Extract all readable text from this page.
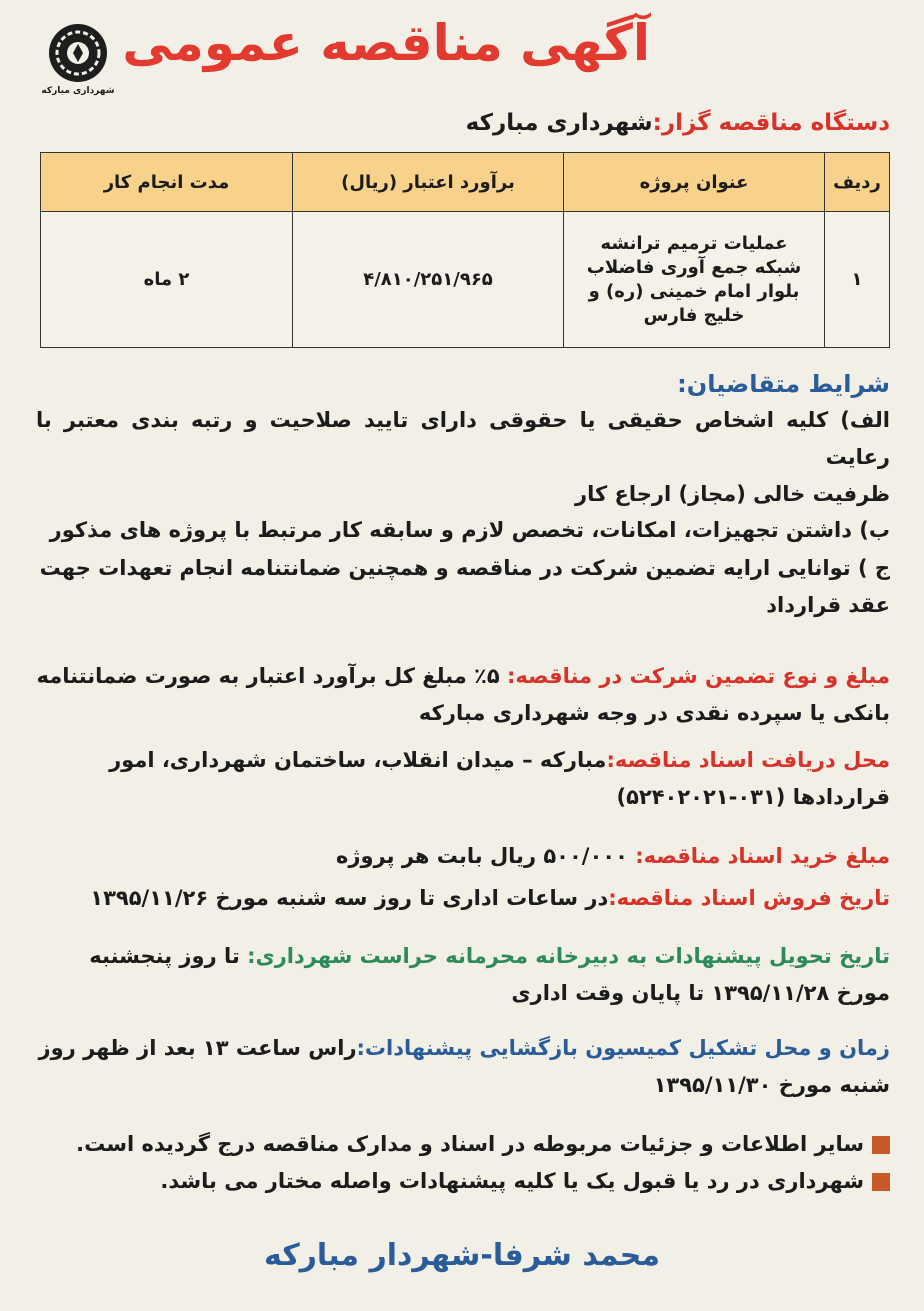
آگهی مناقصه عمومی
شهرداری مبارکه
دستگاه مناقصه گزار:شهرداری مبارکه
ردیف	عنوان پروژه	برآورد اعتبار (ریال)	مدت انجام کار
۱	عملیات ترمیم ترانشه
شبکه جمع آوری فاضلاب
بلوار امام خمینی (ره) و
خلیج فارس	۴/۸۱۰/۲۵۱/۹۶۵	۲ ماه
شرایط متقاضیان:
الف) کلیه اشخاص حقیقی یا حقوقی دارای تایید صلاحیت و رتبه بندی معتبر با رعایت
ظرفیت خالی (مجاز) ارجاع کار
ب) داشتن تجهیزات، امکانات، تخصص لازم و سابقه کار مرتبط با پروژه های مذکور
ج ) توانایی ارایه تضمین شرکت در مناقصه و همچنین ضمانتنامه انجام تعهدات جهت
عقد قرارداد
مبلغ و نوع تضمین شرکت در مناقصه: ۵٪ مبلغ کل برآورد اعتبار به صورت ضمانتنامه
بانکی یا سپرده نقدی در وجه شهرداری مبارکه
محل دریافت اسناد مناقصه:مبارکه – میدان انقلاب، ساختمان شهرداری، امور
قراردادها (۰۳۱-۵۲۴۰۲۰۲۱)
مبلغ خرید اسناد مناقصه: ۵۰۰/۰۰۰ ریال بابت هر پروژه
تاریخ فروش اسناد مناقصه:در ساعات اداری تا روز سه شنبه مورخ ۱۳۹۵/۱۱/۲۶
تاریخ تحویل پیشنهادات به دبیرخانه محرمانه حراست شهرداری: تا روز پنجشنبه
مورخ ۱۳۹۵/۱۱/۲۸ تا پایان وقت اداری
زمان و محل تشکیل کمیسیون بازگشایی پیشنهادات:راس ساعت ۱۳ بعد از ظهر روز
شنبه مورخ ۱۳۹۵/۱۱/۳۰
سایر اطلاعات و جزئیات مربوطه در اسناد و مدارک مناقصه درج گردیده است.
شهرداری در رد یا قبول یک یا کلیه پیشنهادات واصله مختار می باشد.
محمد شرفا-شهردار مبارکه
